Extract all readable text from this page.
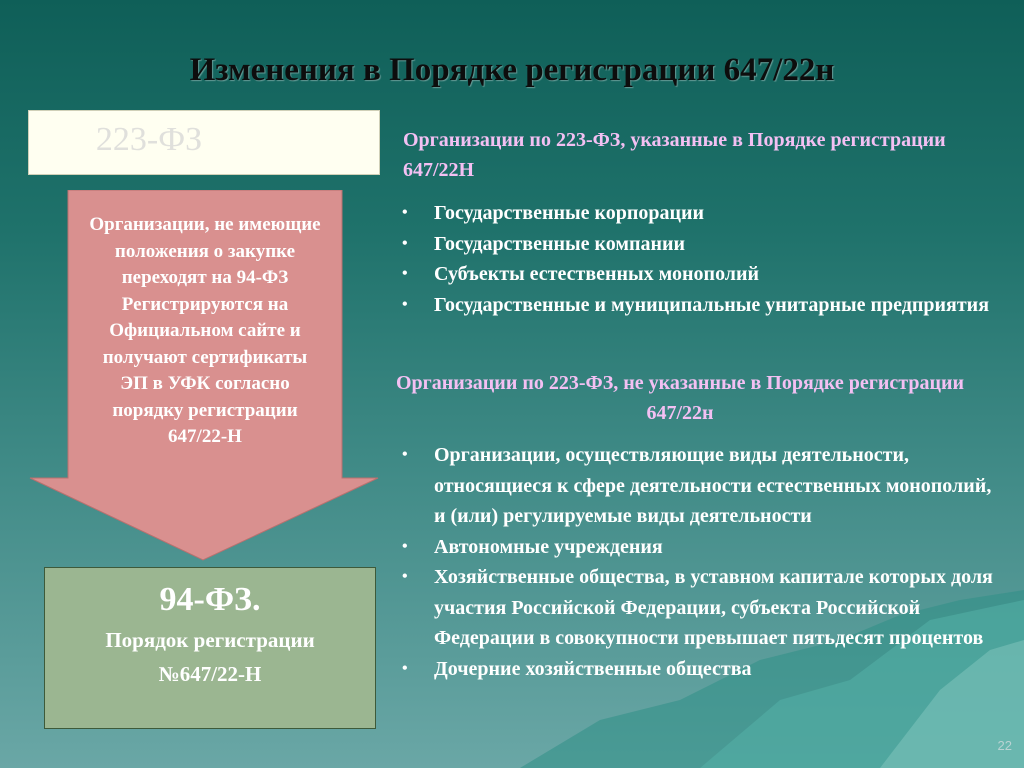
Изменения в Порядке регистрации 647/22н
223-ФЗ
Организации, не имеющие положения о закупке переходят на 94-ФЗ Регистрируются на Официальном сайте и получают сертификаты ЭП в УФК согласно порядку регистрации 647/22-Н
94-ФЗ.
Порядок регистрации
№647/22-Н
Организации по 223-ФЗ, указанные в Порядке регистрации 647/22Н
• Государственные корпорации
• Государственные компании
• Субъекты естественных монополий
• Государственные и муниципальные унитарные предприятия
Организации по 223-ФЗ, не указанные в Порядке регистрации 647/22н
• Организации, осуществляющие виды деятельности, относящиеся к сфере деятельности естественных монополий, и (или) регулируемые виды деятельности
• Автономные учреждения
• Хозяйственные общества, в уставном капитале которых доля участия Российской Федерации, субъекта Российской Федерации в совокупности превышает пятьдесят процентов
• Дочерние хозяйственные общества
22
